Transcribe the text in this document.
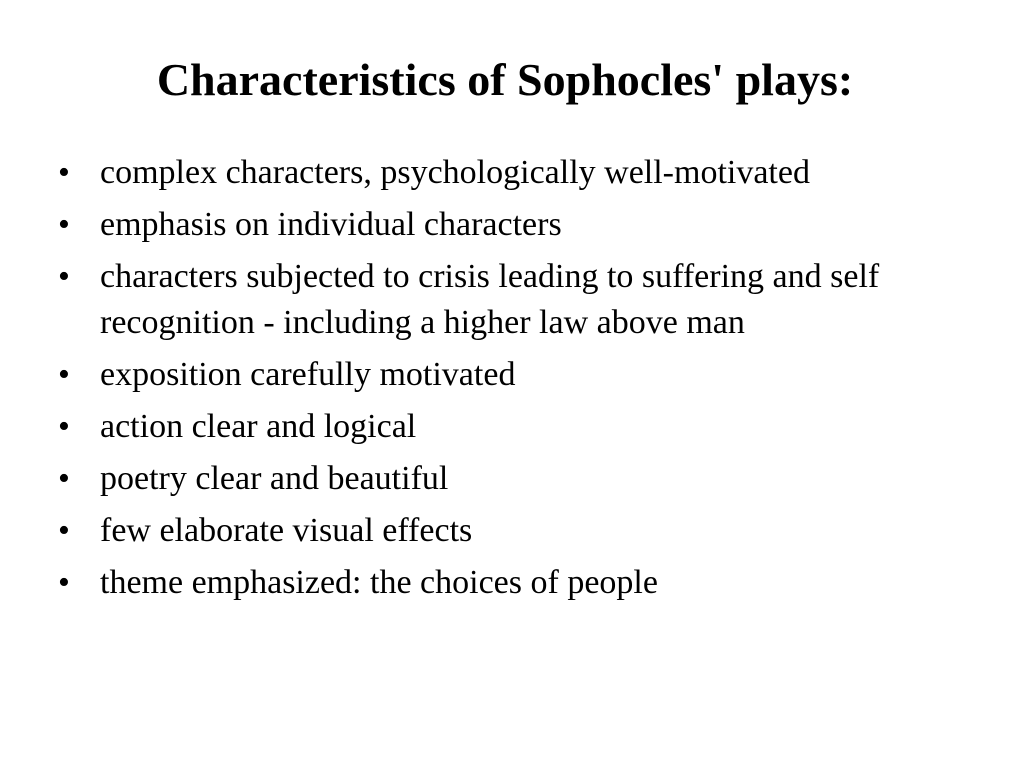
Characteristics of Sophocles' plays:
• complex characters, psychologically well-motivated
• emphasis on individual characters
• characters subjected to crisis leading to suffering and self recognition - including a higher law above man
• exposition carefully motivated
• action clear and logical
• poetry clear and beautiful
• few elaborate visual effects
• theme emphasized: the choices of people
